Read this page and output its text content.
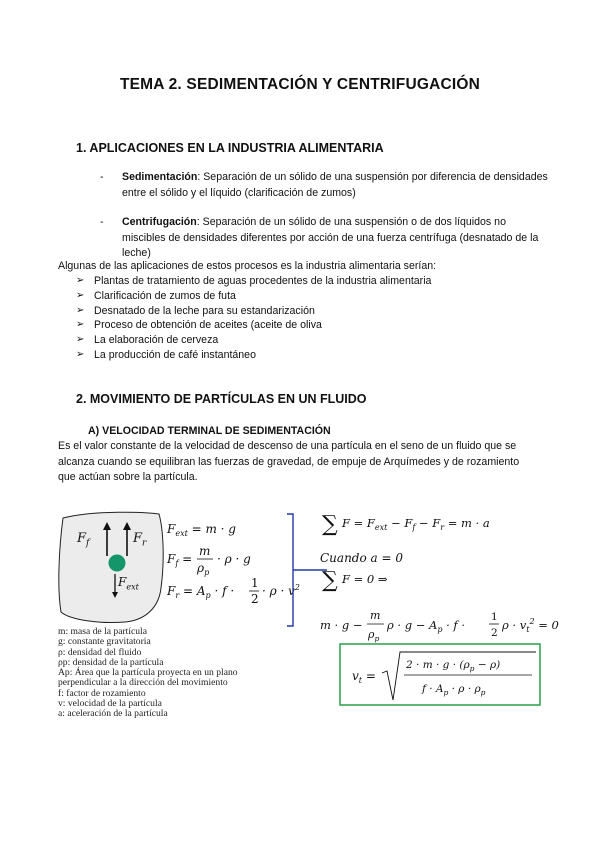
TEMA 2. SEDIMENTACIÓN Y CENTRIFUGACIÓN
1. APLICACIONES EN LA INDUSTRIA ALIMENTARIA
-	Sedimentación: Separación de un sólido de una suspensión por diferencia de densidades
entre el sólido y el líquido (clarificación de zumos)
-	Centrifugación: Separación de un sólido de una suspensión o de dos líquidos no
miscibles de densidades diferentes por acción de una fuerza centrífuga (desnatado de la
leche)
Algunas de las aplicaciones de estos procesos es la industria alimentaria serían:
➢ Plantas de tratamiento de aguas procedentes de la industria alimentaria
➢ Clarificación de zumos de futa
➢ Desnatado de la leche para su estandarización
➢ Proceso de obtención de aceites (aceite de oliva
➢ La elaboración de cerveza
➢ La producción de café instantáneo
2. MOVIMIENTO DE PARTÍCULAS EN UN FLUIDO
A) VELOCIDAD TERMINAL DE SEDIMENTACIÓN
Es el valor constante de la velocidad de descenso de una partícula en el seno de un fluido que se
alcanza cuando se equilibran las fuerzas de gravedad, de empuje de Arquímedes y de rozamiento
que actúan sobre la partícula.
$F_f$	$F_r$
$F_{ext}$
$F_{ext} = m \cdot g$
$F_f$ =
m
$\rho_p$
· ρ · g
$F_r = A_p \cdot f$ ·
1
2
· $\rho \cdot v^2$
m: masa de la partícula
g: constante gravitatoria
ρ: densidad del fluido
ρp: densidad de la partícula
Ap: Área que la partícula proyecta en un plano
perpendicular a la dirección del movimiento
f: factor de rozamiento
v: velocidad de la partícula
a: aceleración de la partícula
∑ $F = F_{ext} - F_f - F_r = m \cdot a$
Cuando a = 0
∑ F = 0 ⇒
m · g −
m
$\rho_p$
$\rho \cdot g - A_p \cdot f$ ·
1
2
$\rho \cdot v_t^2 = 0$
$v_t$ =
$2 \cdot m \cdot g \cdot (\rho_p - \rho)$
$f \cdot A_p \cdot \rho \cdot \rho_p$
